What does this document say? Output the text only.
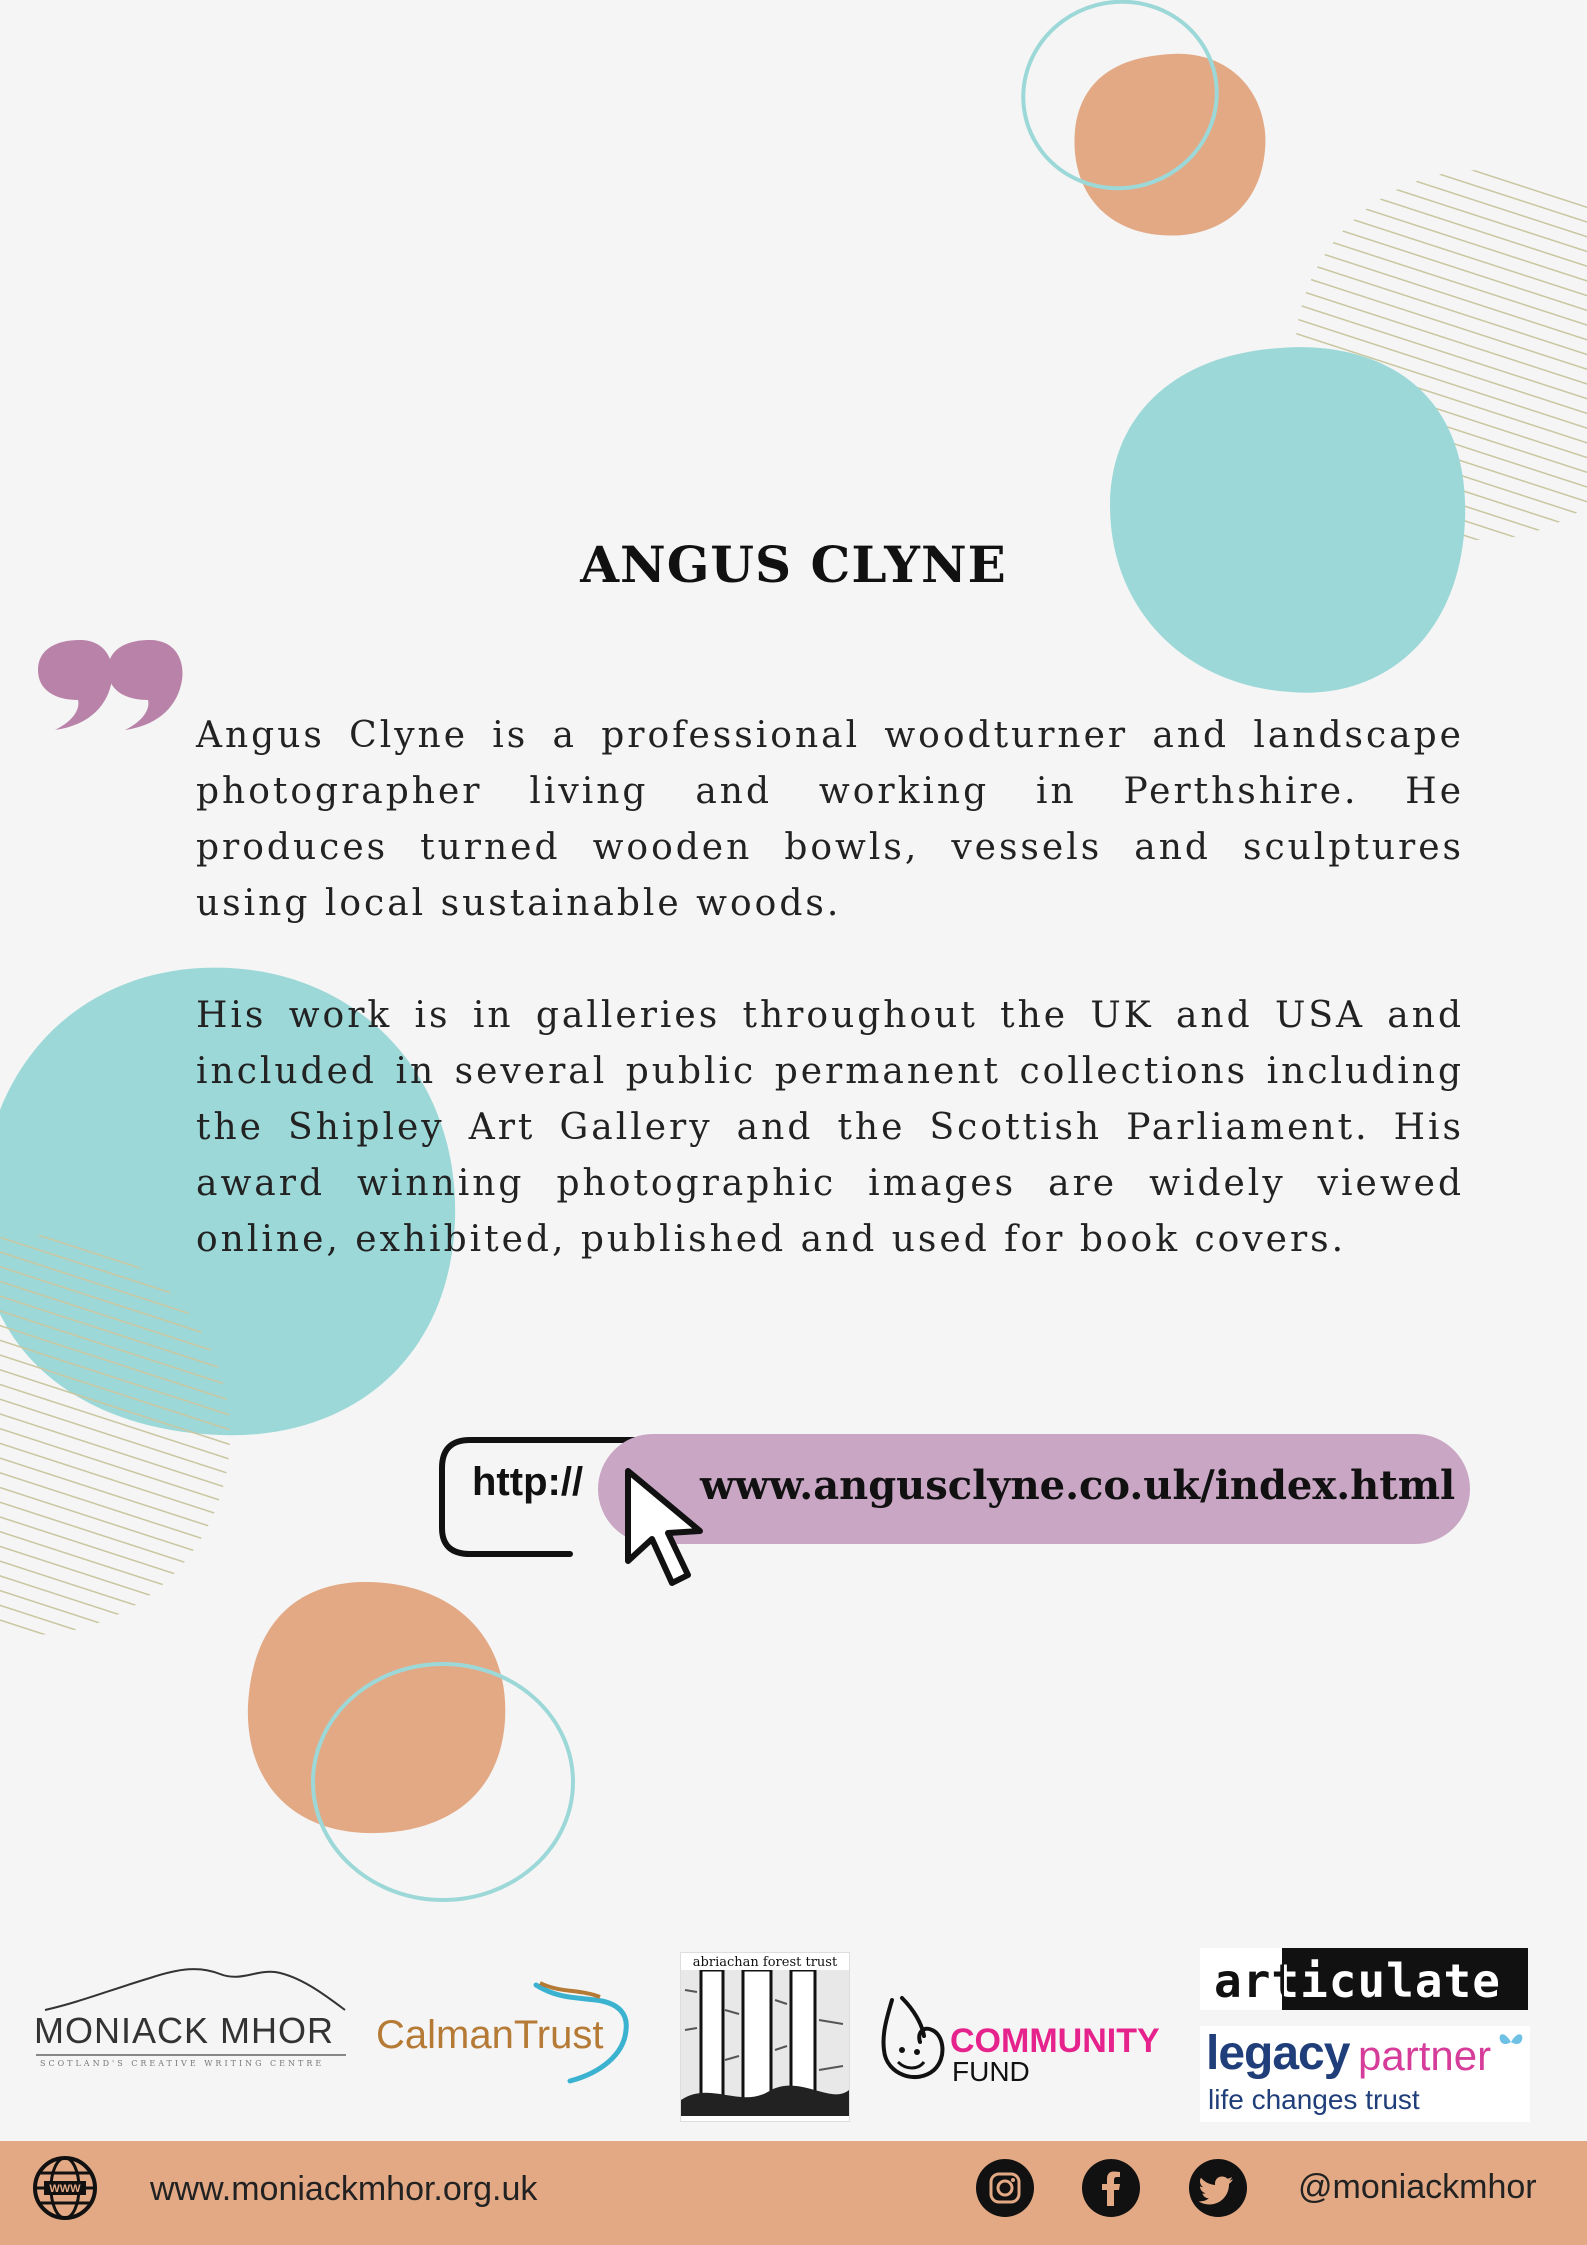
ANGUS CLYNE
Angus Clyne is a professional woodturner and landscape photographer living and working in Perthshire. He produces turned wooden bowls, vessels and sculptures using local sustainable woods.
His work is in galleries throughout the UK and USA and included in several public permanent collections including the Shipley Art Gallery and the Scottish Parliament. His award winning photographic images are widely viewed online, exhibited, published and used for book covers.
http://	www.angusclyne.co.uk/index.html
MONIACK MHOR
SCOTLAND'S CREATIVE WRITING CENTRE
CalmanTrust
abriachan forest trust
COMMUNITY
FUND
articulate
legacy partner
life changes trust
WWW www.moniackmhor.org.uk	@moniackmhor
